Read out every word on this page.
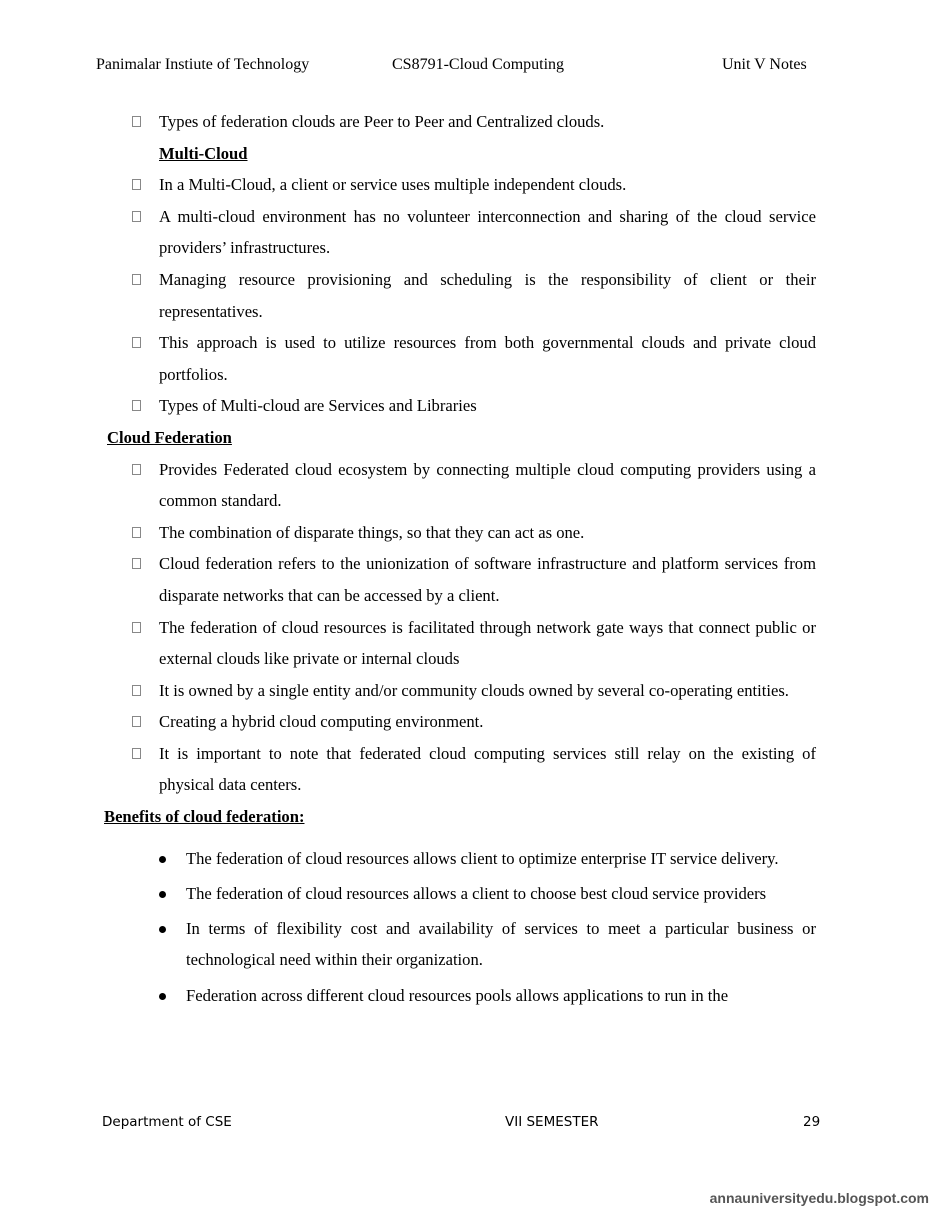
Panimalar Instiute of Technology	CS8791-Cloud Computing	Unit V Notes
Types of federation clouds are Peer to Peer and Centralized clouds.
Multi-Cloud
In a Multi-Cloud, a client or service uses multiple independent clouds.
A multi-cloud environment has no volunteer interconnection and sharing of the cloud service providers’ infrastructures.
Managing resource provisioning and scheduling is the responsibility of client or their representatives.
This approach is used to utilize resources from both governmental clouds and private cloud portfolios.
Types of Multi-cloud are Services and Libraries
Cloud Federation
Provides Federated cloud ecosystem by connecting multiple cloud computing providers using a common standard.
The combination of disparate things, so that they can act as one.
Cloud federation refers to the unionization of software infrastructure and platform services from disparate networks that can be accessed by a client.
The federation of cloud resources is facilitated through network gate ways that connect public or external clouds like private or internal clouds
It is owned by a single entity and/or community clouds owned by several co-operating entities.
Creating a hybrid cloud computing environment.
It is important to note that federated cloud computing services still relay on the existing of physical data centers.
Benefits of cloud federation:
The federation of cloud resources allows client to optimize enterprise IT service delivery.
The federation of cloud resources allows a client to choose best cloud service providers
In terms of flexibility cost and availability of services to meet a particular business or technological need within their organization.
Federation across different cloud resources pools allows applications to run in the
Department of CSE	VII SEMESTER	29
annauniversityedu.blogspot.com
